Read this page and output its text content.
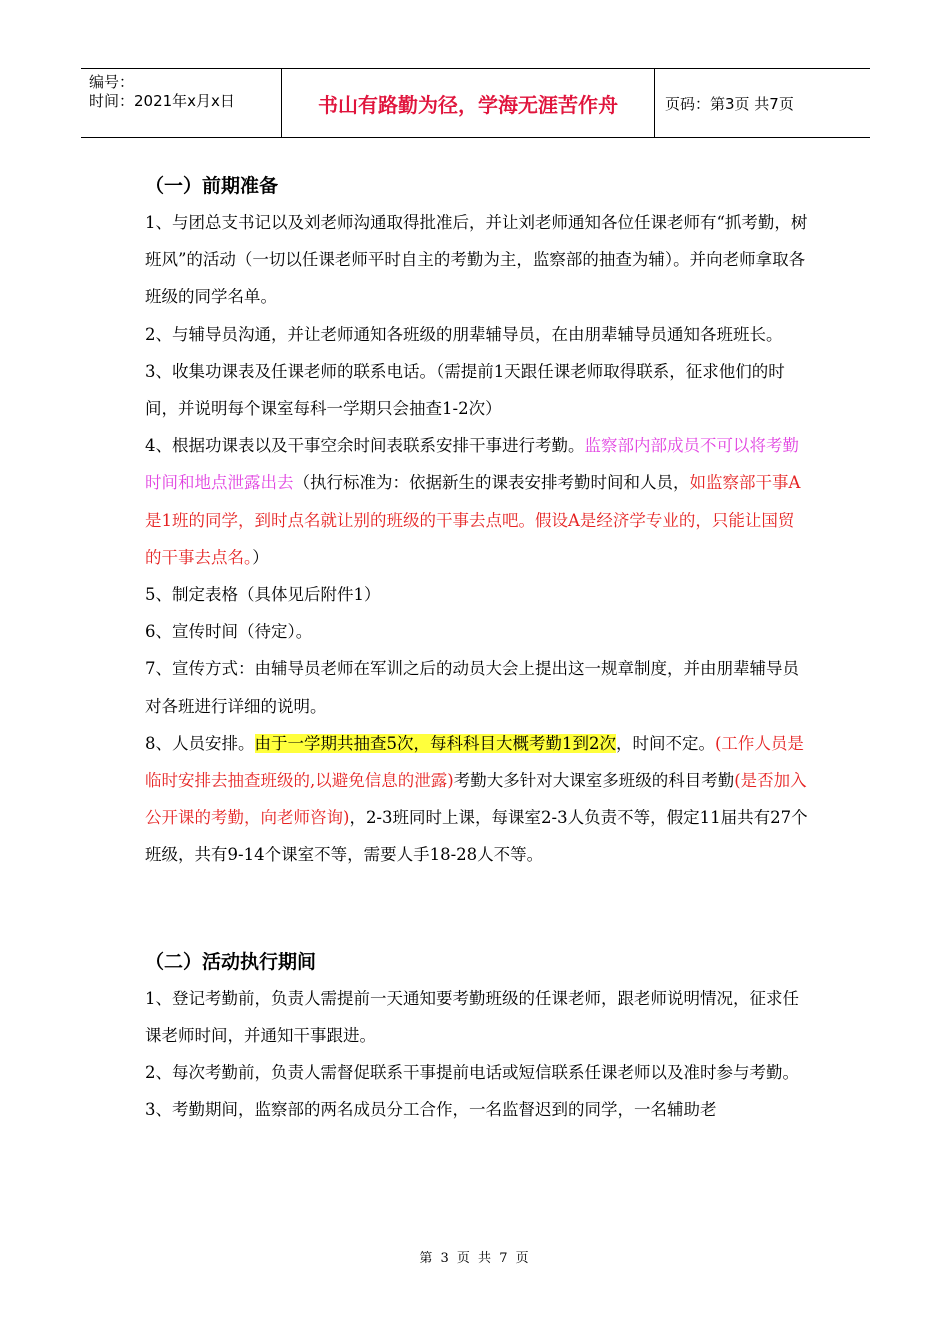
编号：
时间：2021年x月x日	书山有路勤为径，学海无涯苦作舟	页码：第3页 共7页
（一）前期准备

1、与团总支书记以及刘老师沟通取得批准后，并让刘老师通知各位任课老师有“抓考勤，树班风”的活动（一切以任课老师平时自主的考勤为主，监察部的抽查为辅）。并向老师拿取各班级的同学名单。

2、与辅导员沟通，并让老师通知各班级的朋辈辅导员，在由朋辈辅导员通知各班班长。

3、收集功课表及任课老师的联系电话。（需提前1天跟任课老师取得联系，征求他们的时间，并说明每个课室每科一学期只会抽查1-2次）

4、根据功课表以及干事空余时间表联系安排干事进行考勤。监察部内部成员不可以将考勤时间和地点泄露出去（执行标准为：依据新生的课表安排考勤时间和人员，如监察部干事A是1班的同学，到时点名就让别的班级的干事去点吧。假设A是经济学专业的，只能让国贸的干事去点名。）

5、制定表格（具体见后附件1）

6、宣传时间（待定）。

7、宣传方式：由辅导员老师在军训之后的动员大会上提出这一规章制度，并由朋辈辅导员对各班进行详细的说明。

8、人员安排。由于一学期共抽查5次，每科科目大概考勤1到2次，时间不定。(工作人员是临时安排去抽查班级的,以避免信息的泄露)考勤大多针对大课室多班级的科目考勤(是否加入公开课的考勤，向老师咨询)，2-3班同时上课，每课室2-3人负责不等，假定11届共有27个班级，共有9-14个课室不等，需要人手18-28人不等。

（二）活动执行期间

1、登记考勤前，负责人需提前一天通知要考勤班级的任课老师，跟老师说明情况，征求任课老师时间，并通知干事跟进。

2、每次考勤前，负责人需督促联系干事提前电话或短信联系任课老师以及准时参与考勤。

3、考勤期间，监察部的两名成员分工合作，一名监督迟到的同学，一名辅助老

第 3 页 共 7 页
